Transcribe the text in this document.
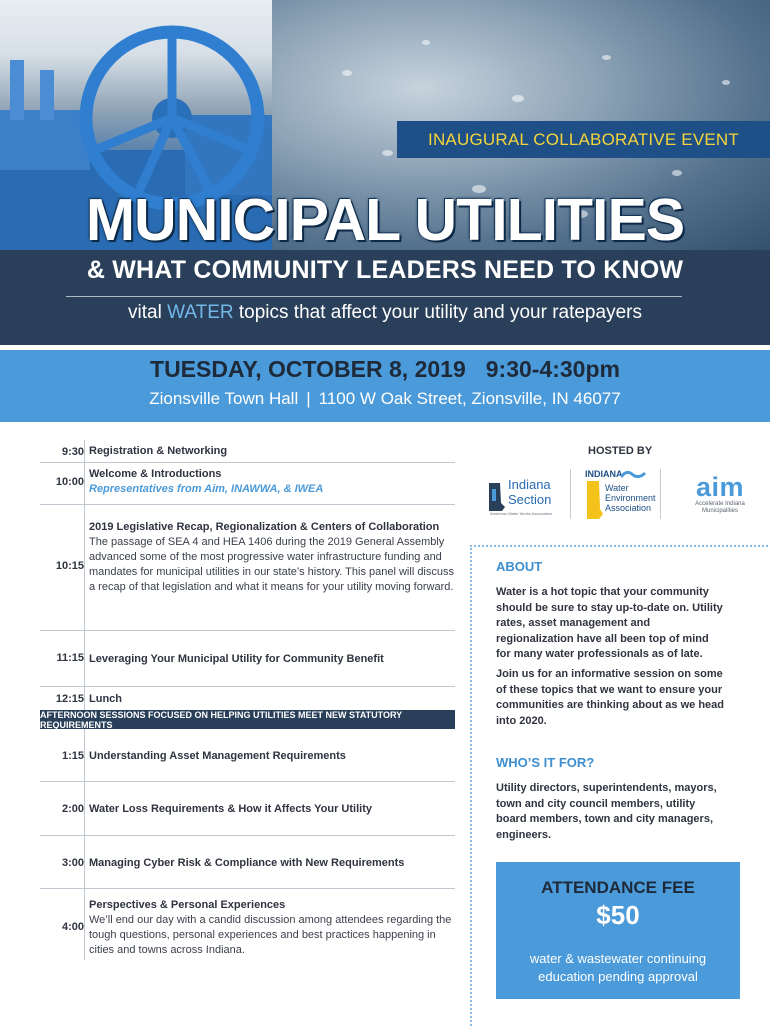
INAUGURAL COLLABORATIVE EVENT
MUNICIPAL UTILITIES
& WHAT COMMUNITY LEADERS NEED TO KNOW
vital WATER topics that affect your utility and your ratepayers
TUESDAY, OCTOBER 8, 2019 9:30-4:30pm
Zionsville Town Hall | 1100 W Oak Street, Zionsville, IN 46077
9:30 Registration & Networking
10:00
Welcome & Introductions
Representatives from Aim, INAWWA, & IWEA
10:15
2019 Legislative Recap, Regionalization & Centers of Collaboration
The passage of SEA 4 and HEA 1406 during the 2019 General Assembly advanced some of the most progressive water infrastructure funding and mandates for municipal utilities in our state’s history. This panel will discuss a recap of that legislation and what it means for your utility moving forward.
11:15 Leveraging Your Municipal Utility for Community Benefit
12:15 Lunch
AFTERNOON SESSIONS FOCUSED ON HELPING UTILITIES MEET NEW STATUTORY REQUIREMENTS
1:15 Understanding Asset Management Requirements
2:00 Water Loss Requirements & How it Affects Your Utility
3:00 Managing Cyber Risk & Compliance with New Requirements
4:00
Perspectives & Personal Experiences
We’ll end our day with a candid discussion among attendees regarding the tough questions, personal experiences and best practices happening in cities and towns across Indiana.
HOSTED BY
Indiana
Section
American Water Works Association
INDIANA
Water
Environment
Association
aim
Accelerate Indiana
Municipalities
ABOUT
Water is a hot topic that your community should be sure to stay up-to-date on. Utility rates, asset management and regionalization have all been top of mind for many water professionals as of late.
Join us for an informative session on some of these topics that we want to ensure your communities are thinking about as we head into 2020.
WHO’S IT FOR?
Utility directors, superintendents, mayors, town and city council members, utility board members, town and city managers, engineers.
ATTENDANCE FEE
$50
water & wastewater continuing education pending approval
